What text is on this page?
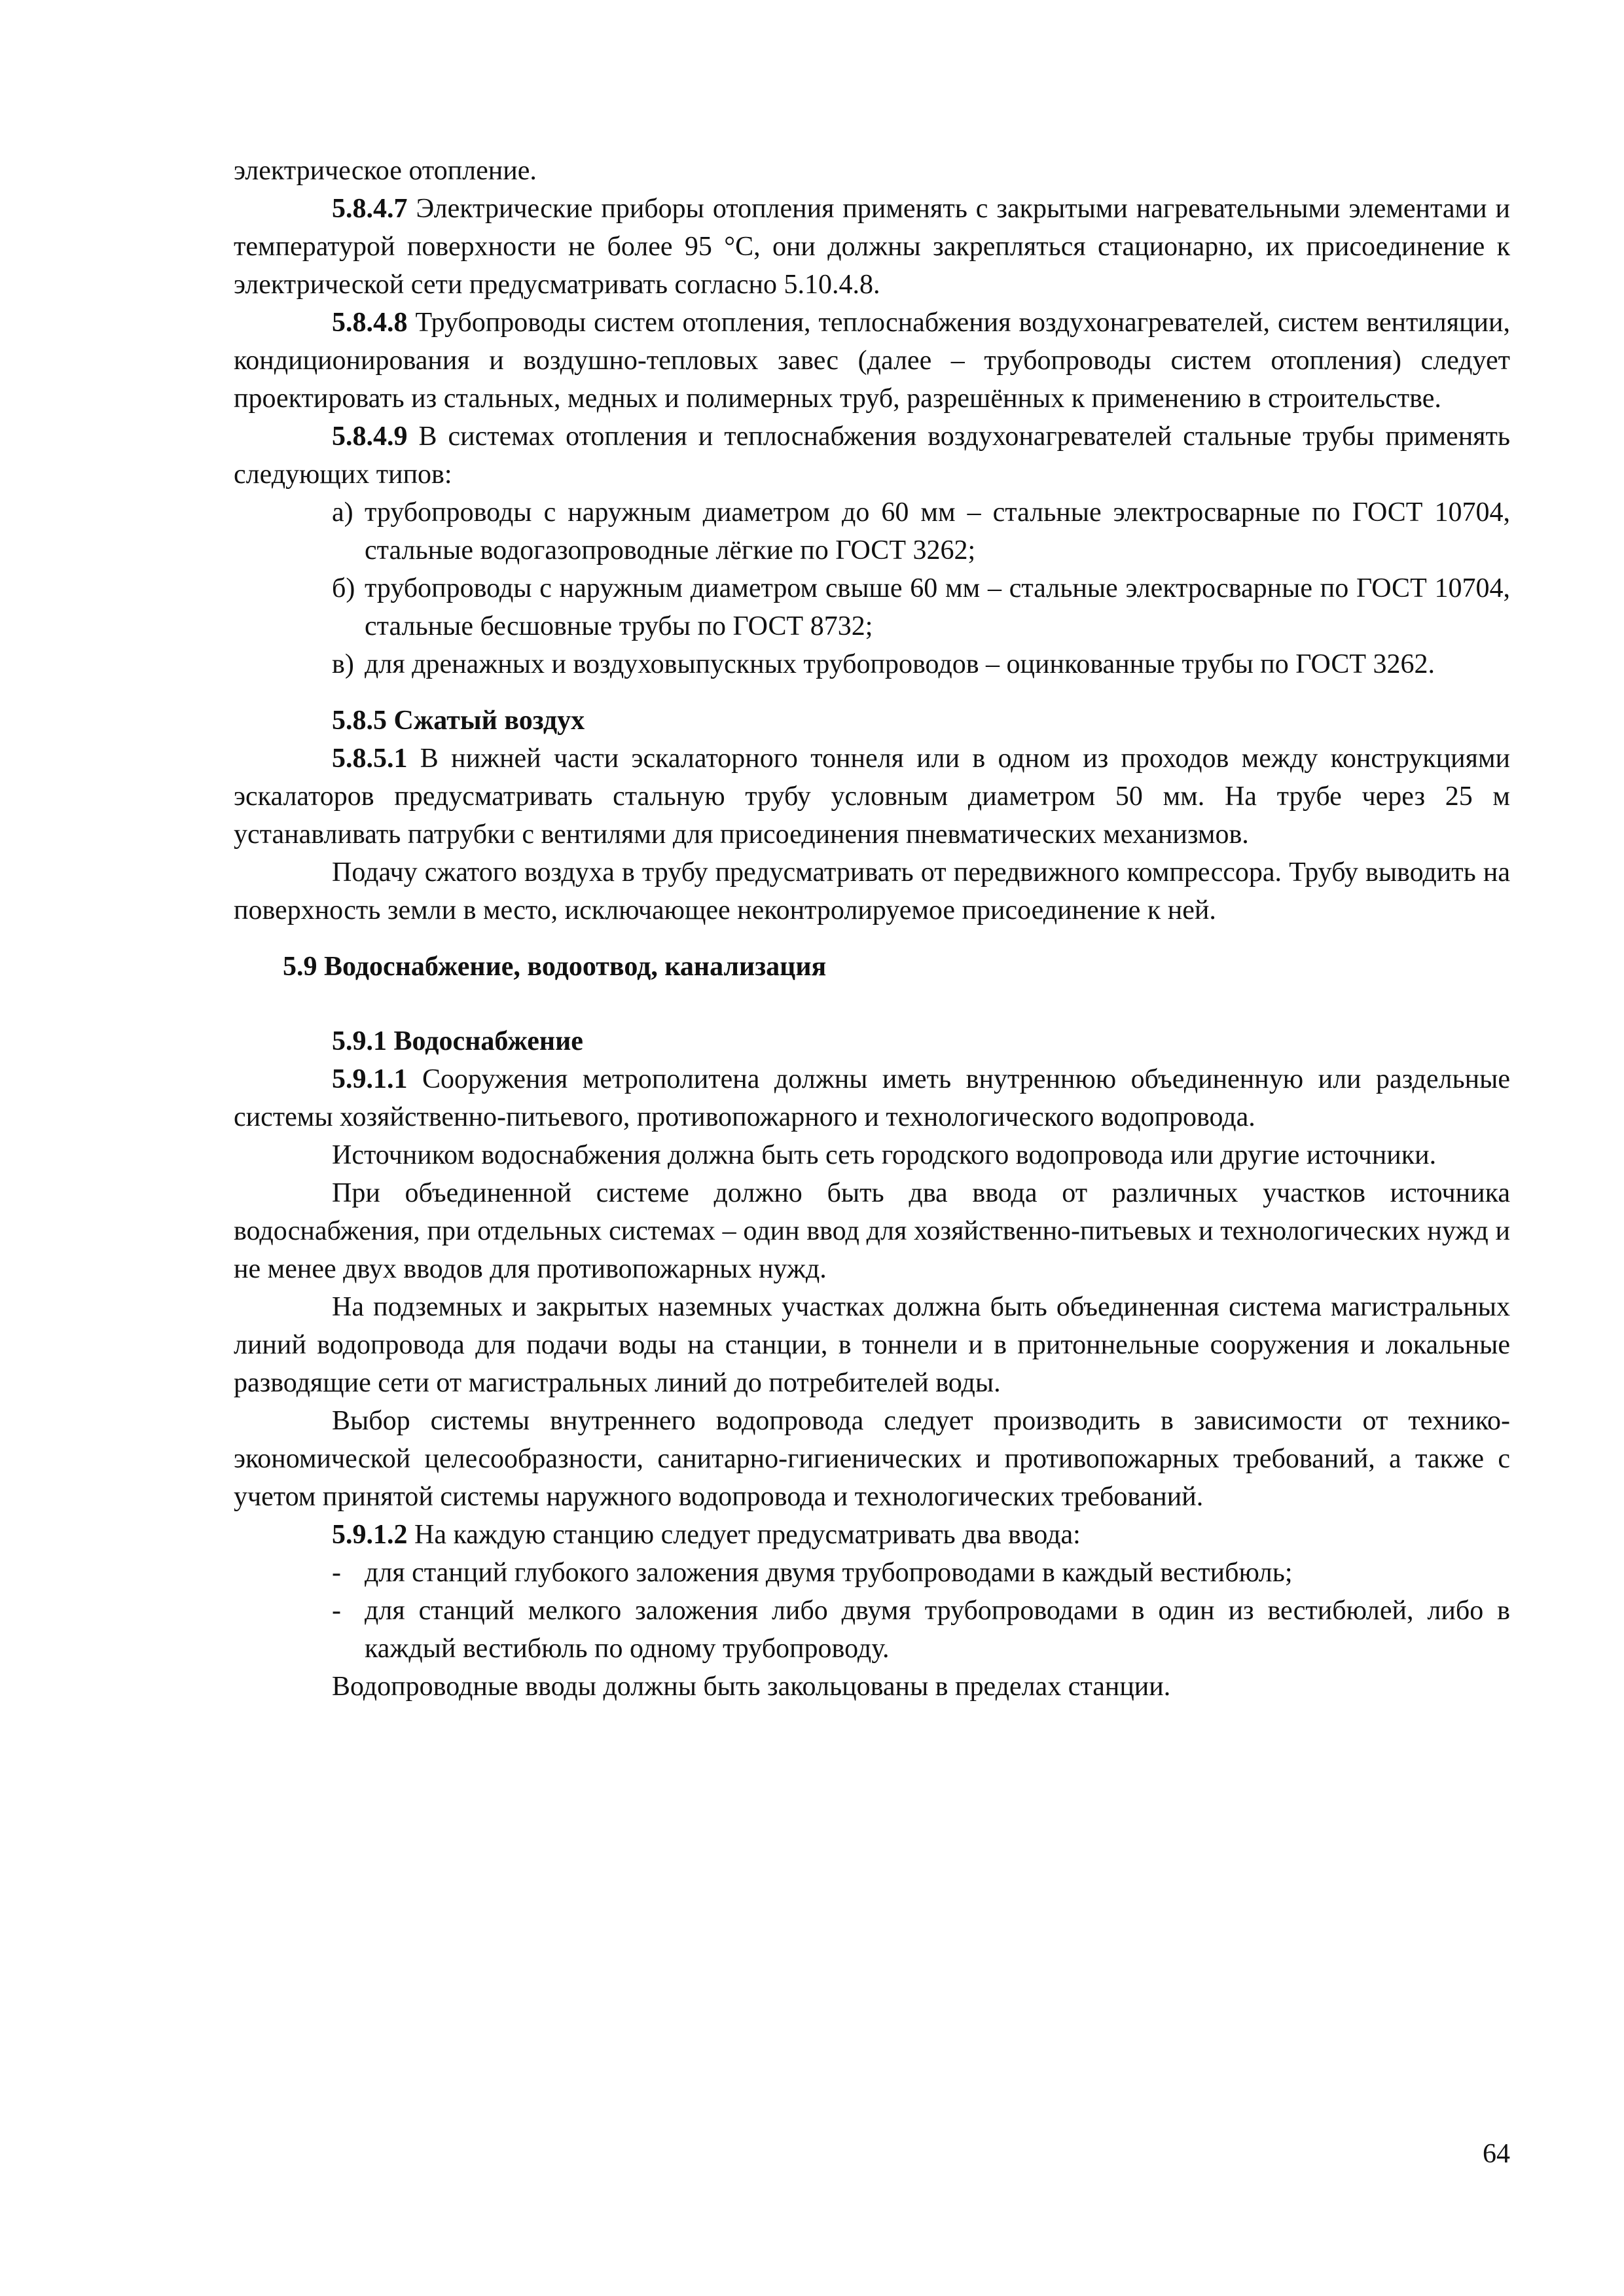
электрическое отопление.

5.8.4.7 Электрические приборы отопления применять с закрытыми нагревательными элементами и температурой поверхности не более 95 °С, они должны закрепляться стационарно, их присоединение к электрической сети предусматривать согласно 5.10.4.8.

5.8.4.8 Трубопроводы систем отопления, теплоснабжения воздухонагревателей, систем вентиляции, кондиционирования и воздушно-тепловых завес (далее – трубопроводы систем отопления) следует проектировать из стальных, медных и полимерных труб, разрешённых к применению в строительстве.

5.8.4.9 В системах отопления и теплоснабжения воздухонагревателей стальные трубы применять следующих типов:

а) трубопроводы с наружным диаметром до 60 мм – стальные электросварные по ГОСТ 10704, стальные водогазопроводные лёгкие по ГОСТ 3262;
б) трубопроводы с наружным диаметром свыше 60 мм – стальные электросварные по ГОСТ 10704, стальные бесшовные трубы по ГОСТ 8732;
в) для дренажных и воздуховыпускных трубопроводов – оцинкованные трубы по ГОСТ 3262.

5.8.5 Сжатый воздух

5.8.5.1 В нижней части эскалаторного тоннеля или в одном из проходов между конструкциями эскалаторов предусматривать стальную трубу условным диаметром 50 мм. На трубе через 25 м устанавливать патрубки с вентилями для присоединения пневматических механизмов.

Подачу сжатого воздуха в трубу предусматривать от передвижного компрессора. Трубу выводить на поверхность земли в место, исключающее неконтролируемое присоединение к ней.

5.9 Водоснабжение, водоотвод, канализация

5.9.1 Водоснабжение

5.9.1.1 Сооружения метрополитена должны иметь внутреннюю объединенную или раздельные системы хозяйственно-питьевого, противопожарного и технологического водопровода.

Источником водоснабжения должна быть сеть городского водопровода или другие источники.

При объединенной системе должно быть два ввода от различных участков источника водоснабжения, при отдельных системах – один ввод для хозяйственно-питьевых и технологических нужд и не менее двух вводов для противопожарных нужд.

На подземных и закрытых наземных участках должна быть объединенная система магистральных линий водопровода для подачи воды на станции, в тоннели и в притоннельные сооружения и локальные разводящие сети от магистральных линий до потребителей воды.

Выбор системы внутреннего водопровода следует производить в зависимости от технико-экономической целесообразности, санитарно-гигиенических и противопожарных требований, а также с учетом принятой системы наружного водопровода и технологических требований.

5.9.1.2 На каждую станцию следует предусматривать два ввода:

- для станций глубокого заложения двумя трубопроводами в каждый вестибюль;
- для станций мелкого заложения либо двумя трубопроводами в один из вестибюлей, либо в каждый вестибюль по одному трубопроводу.

Водопроводные вводы должны быть закольцованы в пределах станции.

64
